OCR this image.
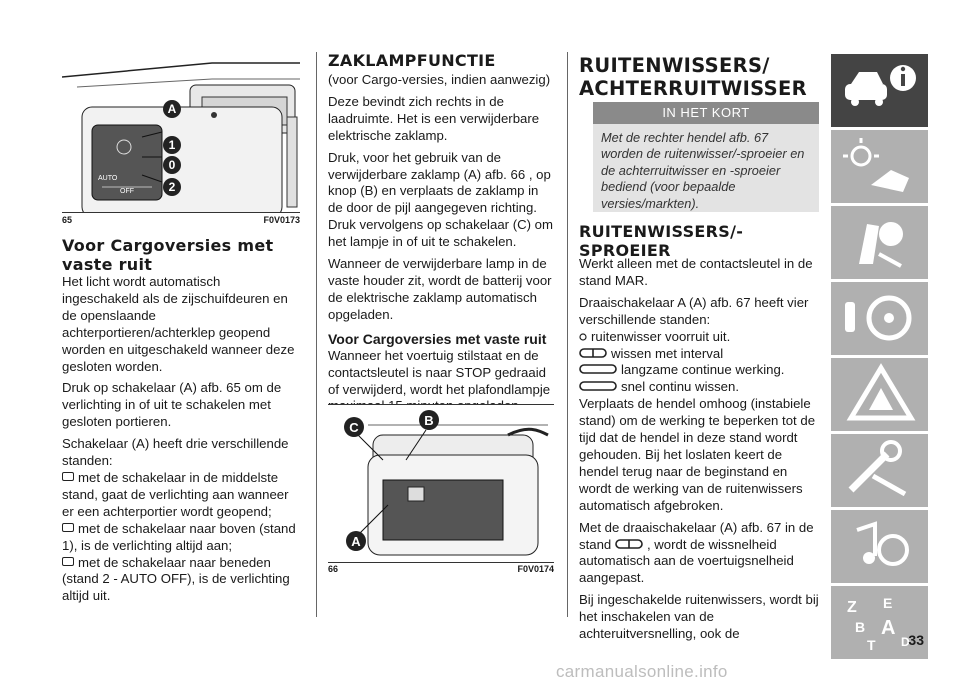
A
1
0
2
AUTO
OFF
65	F0V0173
Voor Cargoversies met vaste ruit

Het licht wordt automatisch ingeschakeld als de zijschuifdeuren en de openslaande achterportieren/achterklep geopend worden en uitgeschakeld wanneer deze gesloten worden.

Druk op schakelaar (A) afb. 65 om de verlichting in of uit te schakelen met gesloten portieren.

Schakelaar (A) heeft drie verschillende standen:

met de schakelaar in de middelste stand, gaat de verlichting aan wanneer er een achterportier wordt geopend;

met de schakelaar naar boven (stand 1), is de verlichting altijd aan;

met de schakelaar naar beneden (stand 2 - AUTO OFF), is de verlichting altijd uit.

ZAKLAMPFUNCTIE

(voor Cargo-versies, indien aanwezig)

Deze bevindt zich rechts in de laadruimte. Het is een verwijderbare elektrische zaklamp.

Druk, voor het gebruik van de verwijderbare zaklamp (A) afb. 66 , op knop (B) en verplaats de zaklamp in de door de pijl aangegeven richting. Druk vervolgens op schakelaar (C) om het lampje in of uit te schakelen.

Wanneer de verwijderbare lamp in de vaste houder zit, wordt de batterij voor de elektrische zaklamp automatisch opgeladen.

Voor Cargoversies met vaste ruit

Wanneer het voertuig stilstaat en de contactsleutel is naar STOP gedraaid of verwijderd, wordt het plafondlampje

C	B
A
66	F0V0174
RUITENWISSERS/
ACHTERRUITWISSER
IN HET KORT

Met de rechter hendel afb. 67 worden de ruitenwisser/-sproeier en de achterruitwisser en -sproeier bediend (voor bepaalde versies/markten).

RUITENWISSERS/-SPROEIER

Werkt alleen met de contactsleutel in de stand MAR.

Draaischakelaar A (A) afb. 67 heeft vier verschillende standen:

ruitenwisser voorruit uit.

wissen met interval

langzame continue werking.

snel continu wissen.

Verplaats de hendel omhoog (instabiele stand) om de werking te beperken tot de tijd dat de hendel in deze stand wordt gehouden. Bij het loslaten keert de hendel terug naar de beginstand en wordt de werking van de ruitenwissers automatisch afgebroken.

Met de draaischakelaar (A) afb. 67 in de stand	, wordt de wissnelheid automatisch aan de voertuigsnelheid aangepast.

Bij ingeschakelde ruitenwissers, wordt bij het inschakelen van de achteruitversnelling, ook de

Z E
B A
T D
33
carmanualsonline.info
